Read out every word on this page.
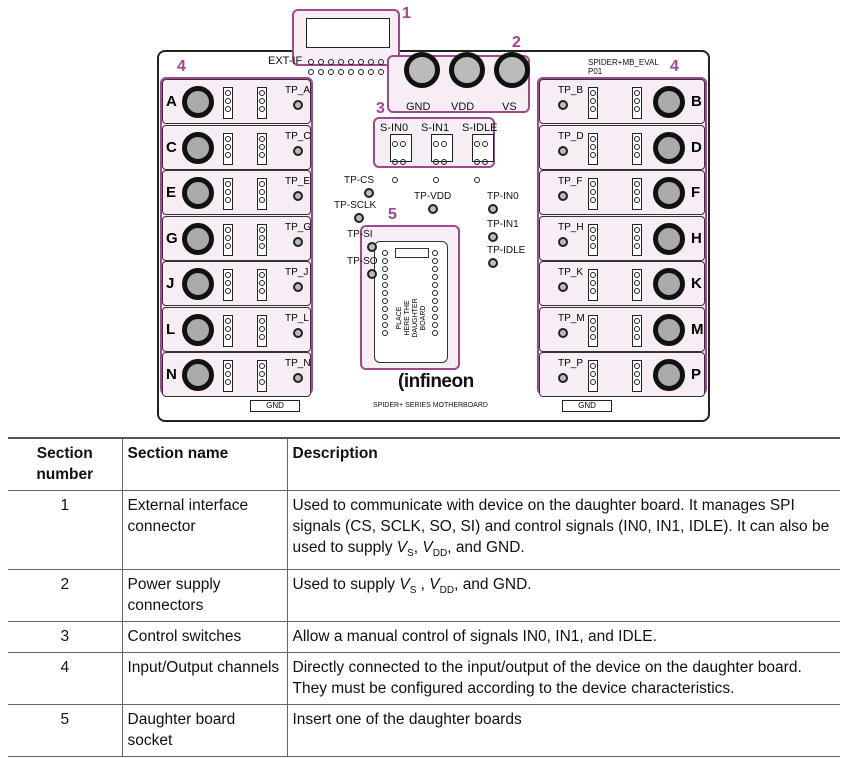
1
EXT-IF
2
SPIDER+MB_EVAL
P01
3
PLACE HERE THE DAUGHTER BOARD
5
(infineon
SPIDER+ SERIES MOTHERBOARD
GND	GND
4	4
Section number	Section name	Description
1	External interface connector	Used to communicate with device on the daughter board. It manages SPI signals (CS, SCLK, SO, SI) and control signals (IN0, IN1, IDLE). It can also be used to supply $V_S$, $V_{DD}$, and GND.
2	Power supply connectors	Used to supply $V_S$ , $V_{DD}$, and GND.
3	Control switches	Allow a manual control of signals IN0, IN1, and IDLE.
4	Input/Output channels	Directly connected to the input/output of the device on the daughter board. They must be configured according to the device characteristics.
5	Daughter board socket	Insert one of the daughter boards
GND VDD	VS
S-IN0 S-IN1 S-IDLE
TP-CS
TP-SCLK
TP-SI
TP-SO
TP-VDD	TP-IN0
TP-IN1
TP-IDLE
A
TP_A
C
TP_C
E
TP_E
G
TP_G
J
TP_J
L
TP_L
N
TP_N
TP_B
B
TP_D
D
TP_F
F
TP_H
H
TP_K
K
TP_M
M
TP_P
P
